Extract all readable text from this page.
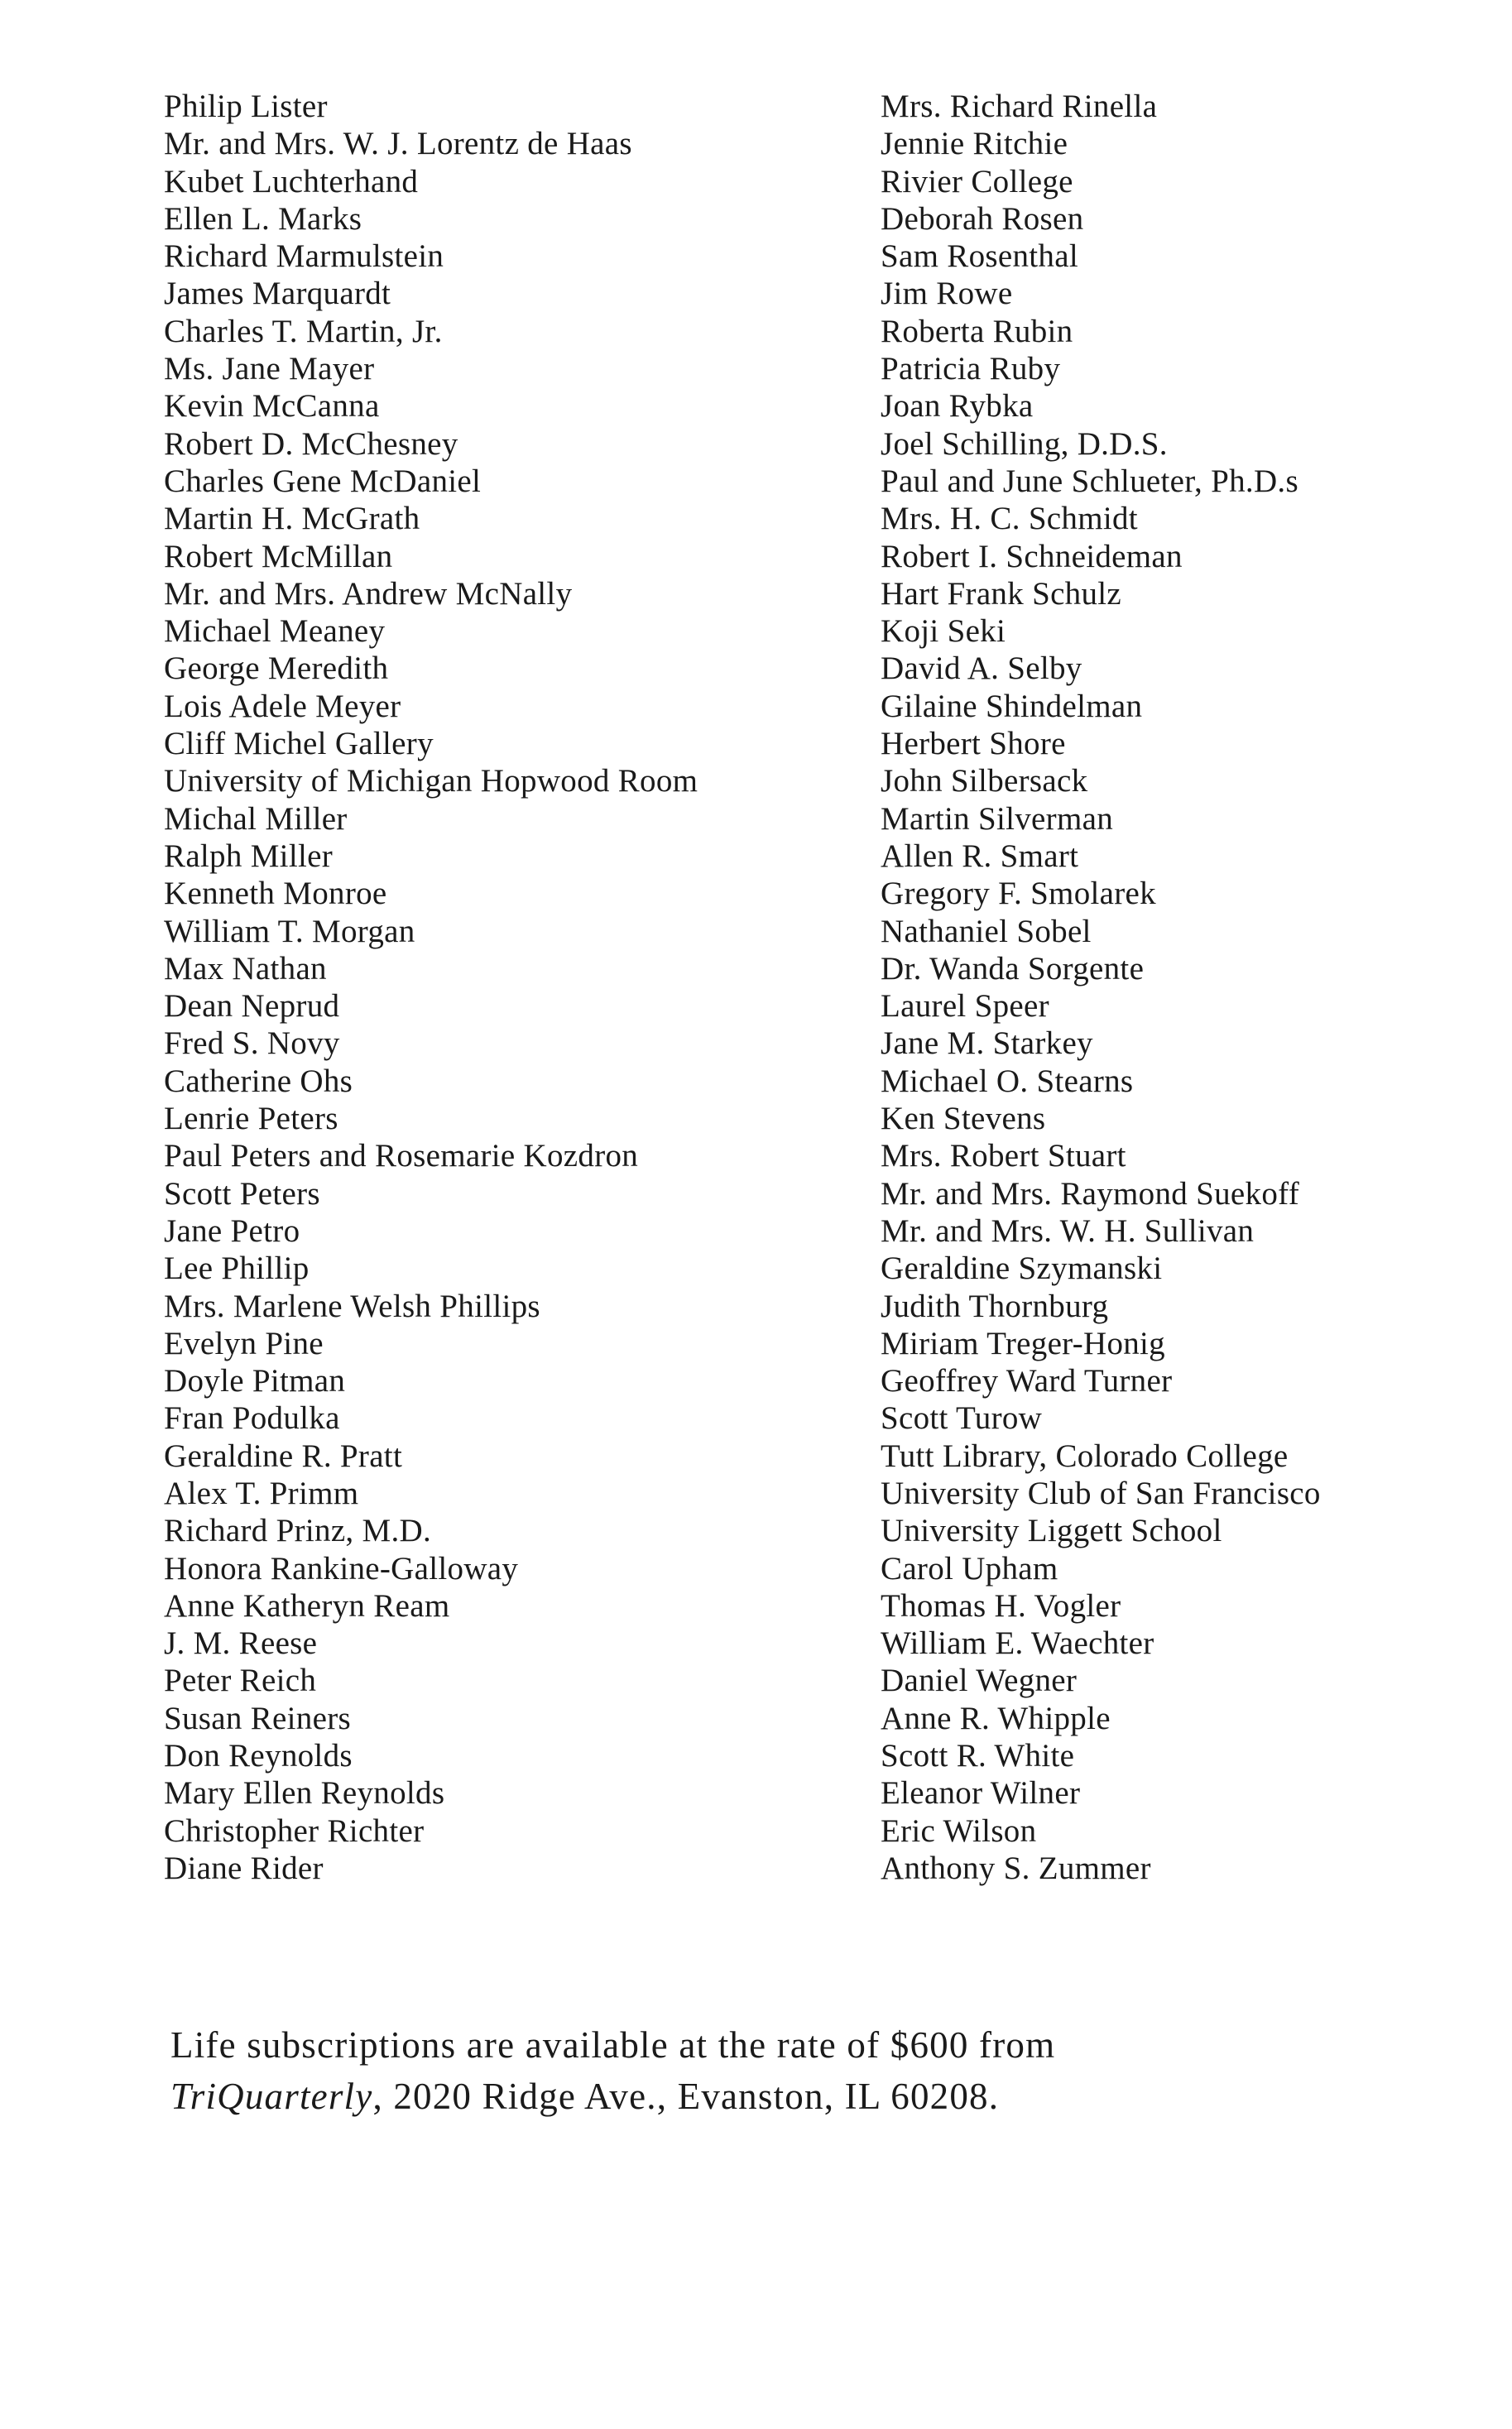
Philip Lister
Mr. and Mrs. W. J. Lorentz de Haas
Kubet Luchterhand
Ellen L. Marks
Richard Marmulstein
James Marquardt
Charles T. Martin, Jr.
Ms. Jane Mayer
Kevin McCanna
Robert D. McChesney
Charles Gene McDaniel
Martin H. McGrath
Robert McMillan
Mr. and Mrs. Andrew McNally
Michael Meaney
George Meredith
Lois Adele Meyer
Cliff Michel Gallery
University of Michigan Hopwood Room
Michal Miller
Ralph Miller
Kenneth Monroe
William T. Morgan
Max Nathan
Dean Neprud
Fred S. Novy
Catherine Ohs
Lenrie Peters
Paul Peters and Rosemarie Kozdron
Scott Peters
Jane Petro
Lee Phillip
Mrs. Marlene Welsh Phillips
Evelyn Pine
Doyle Pitman
Fran Podulka
Geraldine R. Pratt
Alex T. Primm
Richard Prinz, M.D.
Honora Rankine-Galloway
Anne Katheryn Ream
J. M. Reese
Peter Reich
Susan Reiners
Don Reynolds
Mary Ellen Reynolds
Christopher Richter
Diane Rider
Mrs. Richard Rinella
Jennie Ritchie
Rivier College
Deborah Rosen
Sam Rosenthal
Jim Rowe
Roberta Rubin
Patricia Ruby
Joan Rybka
Joel Schilling, D.D.S.
Paul and June Schlueter, Ph.D.s
Mrs. H. C. Schmidt
Robert I. Schneideman
Hart Frank Schulz
Koji Seki
David A. Selby
Gilaine Shindelman
Herbert Shore
John Silbersack
Martin Silverman
Allen R. Smart
Gregory F. Smolarek
Nathaniel Sobel
Dr. Wanda Sorgente
Laurel Speer
Jane M. Starkey
Michael O. Stearns
Ken Stevens
Mrs. Robert Stuart
Mr. and Mrs. Raymond Suekoff
Mr. and Mrs. W. H. Sullivan
Geraldine Szymanski
Judith Thornburg
Miriam Treger-Honig
Geoffrey Ward Turner
Scott Turow
Tutt Library, Colorado College
University Club of San Francisco
University Liggett School
Carol Upham
Thomas H. Vogler
William E. Waechter
Daniel Wegner
Anne R. Whipple
Scott R. White
Eleanor Wilner
Eric Wilson
Anthony S. Zummer

Life subscriptions are available at the rate of $600 from

TriQuarterly, 2020 Ridge Ave., Evanston, IL 60208.
